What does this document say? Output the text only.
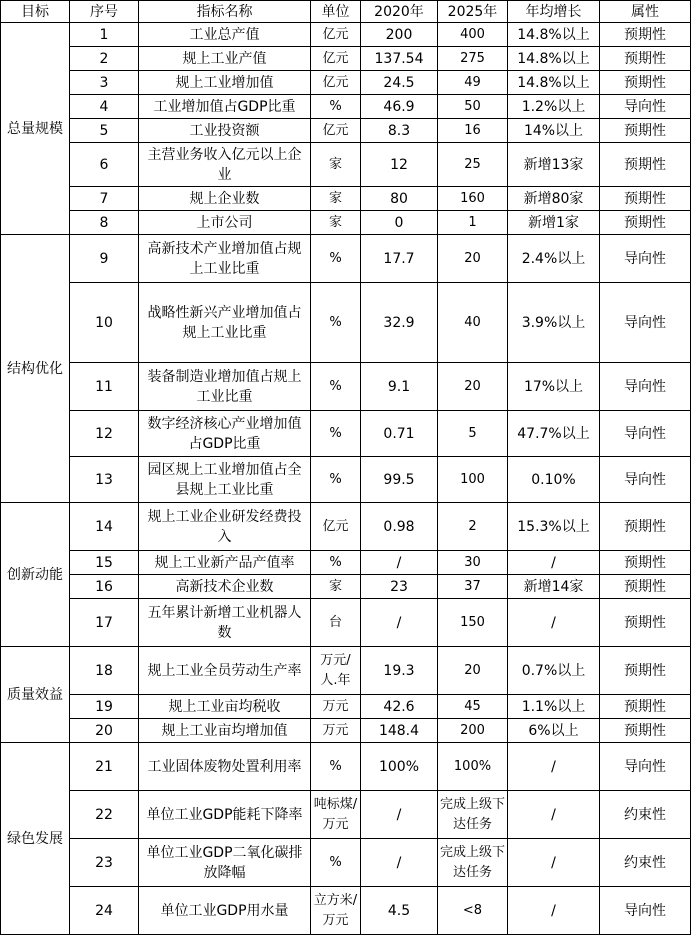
目标	序号	指标名称	单位	2020年	2025年	年均增长	属性
总量规模	1	工业总产值	亿元	200	400	14.8%以上	预期性
	2	规上工业产值	亿元	137.54	275	14.8%以上	预期性
	3	规上工业增加值	亿元	24.5	49	14.8%以上	预期性
	4	工业增加值占GDP比重	%	46.9	50	1.2%以上	导向性
	5	工业投资额	亿元	8.3	16	14%以上	预期性
	6	主营业务收入亿元以上企业	家	12	25	新增13家	预期性
	7	规上企业数	家	80	160	新增80家	预期性
	8	上市公司	家	0	1	新增1家	预期性
结构优化	9	高新技术产业增加值占规上工业比重	%	17.7	20	2.4%以上	导向性
	10	战略性新兴产业增加值占规上工业比重	%	32.9	40	3.9%以上	导向性
	11	装备制造业增加值占规上工业比重	%	9.1	20	17%以上	导向性
	12	数字经济核心产业增加值占GDP比重	%	0.71	5	47.7%以上	导向性
	13	园区规上工业增加值占全县规上工业比重	%	99.5	100	0.10%	导向性
创新动能	14	规上工业企业研发经费投入	亿元	0.98	2	15.3%以上	预期性
	15	规上工业新产品产值率	%	/	30	/	预期性
	16	高新技术企业数	家	23	37	新增14家	预期性
	17	五年累计新增工业机器人数	台	/	150	/	预期性
质量效益	18	规上工业全员劳动生产率	万元/人.年	19.3	20	0.7%以上	预期性
	19	规上工业亩均税收	万元	42.6	45	1.1%以上	预期性
	20	规上工业亩均增加值	万元	148.4	200	6%以上	预期性
绿色发展	21	工业固体废物处置利用率	%	100%	100%	/	导向性
	22	单位工业GDP能耗下降率	吨标煤/万元	/	完成上级下达任务	/	约束性
	23	单位工业GDP二氧化碳排放降幅	%	/	完成上级下达任务	/	约束性
	24	单位工业GDP用水量	立方米/万元	4.5	<8	/	导向性
